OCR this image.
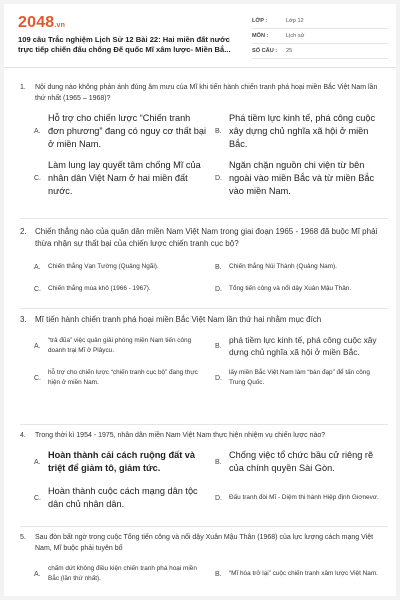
2048.vn
109 câu Trắc nghiệm Lịch Sử 12 Bài 22: Hai miền đất nước trực tiếp chiến đấu chống Đế quốc Mĩ xâm lược- Miền Bắ...
LỚP :	Lớp 12
MÔN :	Lịch sử
SỐ CÂU :	25
1.	Nội dung nào không phản ánh đúng âm mưu của Mĩ khi tiến hành chiến tranh phá hoại miền Bắc Việt Nam lần thứ nhất (1965 – 1968)?
A.
Hỗ trợ cho chiến lược “Chiến tranh đơn phương” đang có nguy cơ thất bại ở miền Nam.
B.
Phá tiềm lực kinh tế, phá công cuộc xây dựng chủ nghĩa xã hội ở miền Bắc.
C.
Làm lung lay quyết tâm chống Mĩ của nhân dân Việt Nam ở hai miền đất nước.
D.
Ngăn chặn nguồn chi viện từ bên ngoài vào miền Bắc và từ miền Bắc vào miền Nam.
2.	Chiến thắng nào của quân dân miền Nam Việt Nam trong giai đoạn 1965 - 1968 đã buộc Mĩ phải thừa nhận sự thất bại của chiến lược chiến tranh cục bộ?
A.	Chiến thắng Vạn Tường (Quảng Ngãi).	B.	Chiến thắng Núi Thành (Quảng Nam).
C.	Chiến thắng mùa khô (1966 - 1967).	D.	Tổng tiến công và nổi dậy Xuân Mậu Thân.
3.	Mĩ tiến hành chiến tranh phá hoại miền Bắc Việt Nam lần thứ hai nhằm mục đích
A.
“trả đũa” việc quân giải phóng miền Nam tiến công doanh trại Mĩ ở Plâycu.
B.
phá tiềm lực kinh tế, phá công cuộc xây dựng chủ nghĩa xã hội ở miền Bắc.
C.
hỗ trợ cho chiến lược “chiến tranh cục bộ” đang thực hiện ở miền Nam.
D.
lấy miền Bắc Việt Nam làm “bàn đạp” để tấn công Trung Quốc.
4.	Trong thời kì 1954 - 1975, nhân dân miền Nam Việt Nam thực hiện nhiệm vụ chiến lược nào?
A.
Hoàn thành cải cách ruộng đất và triệt để giảm tô, giảm tức.
B.
Chống việc tổ chức bầu cử riêng rẽ của chính quyền Sài Gòn.
C.
Hoàn thành cuộc cách mạng dân tộc dân chủ nhân dân.
D.	Đấu tranh đòi Mĩ - Diệm thi hành Hiệp định Giơnevơ.
5.	Sau đòn bất ngờ trong cuộc Tổng tiến công và nổi dậy Xuân Mậu Thân (1968) của lực lượng cách mạng Việt Nam, Mĩ buộc phải tuyên bố
A.
chấm dứt không điều kiện chiến tranh phá hoại miền Bắc (lần thứ nhất).
B.	“Mĩ hóa trở lại” cuộc chiến tranh xâm lược Việt Nam.
